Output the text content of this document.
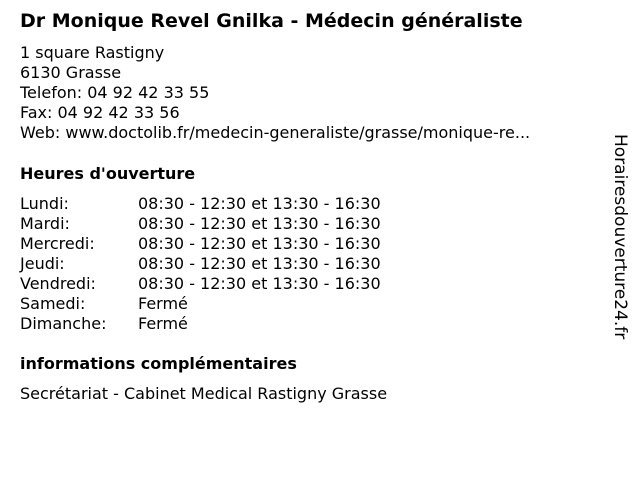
Dr Monique Revel Gnilka - Médecin généraliste
1 square Rastigny
6130 Grasse
Telefon: 04 92 42 33 55
Fax: 04 92 42 33 56
Web: www.doctolib.fr/medecin-generaliste/grasse/monique-re...
Heures d'ouverture
Lundi:	08:30 - 12:30 et 13:30 - 16:30
Mardi:	08:30 - 12:30 et 13:30 - 16:30
Mercredi:	08:30 - 12:30 et 13:30 - 16:30
Jeudi:	08:30 - 12:30 et 13:30 - 16:30
Vendredi:	08:30 - 12:30 et 13:30 - 16:30
Samedi:	Fermé
Dimanche:	Fermé
informations complémentaires
Secrétariat - Cabinet Medical Rastigny Grasse
Horairesdouverture24.fr
